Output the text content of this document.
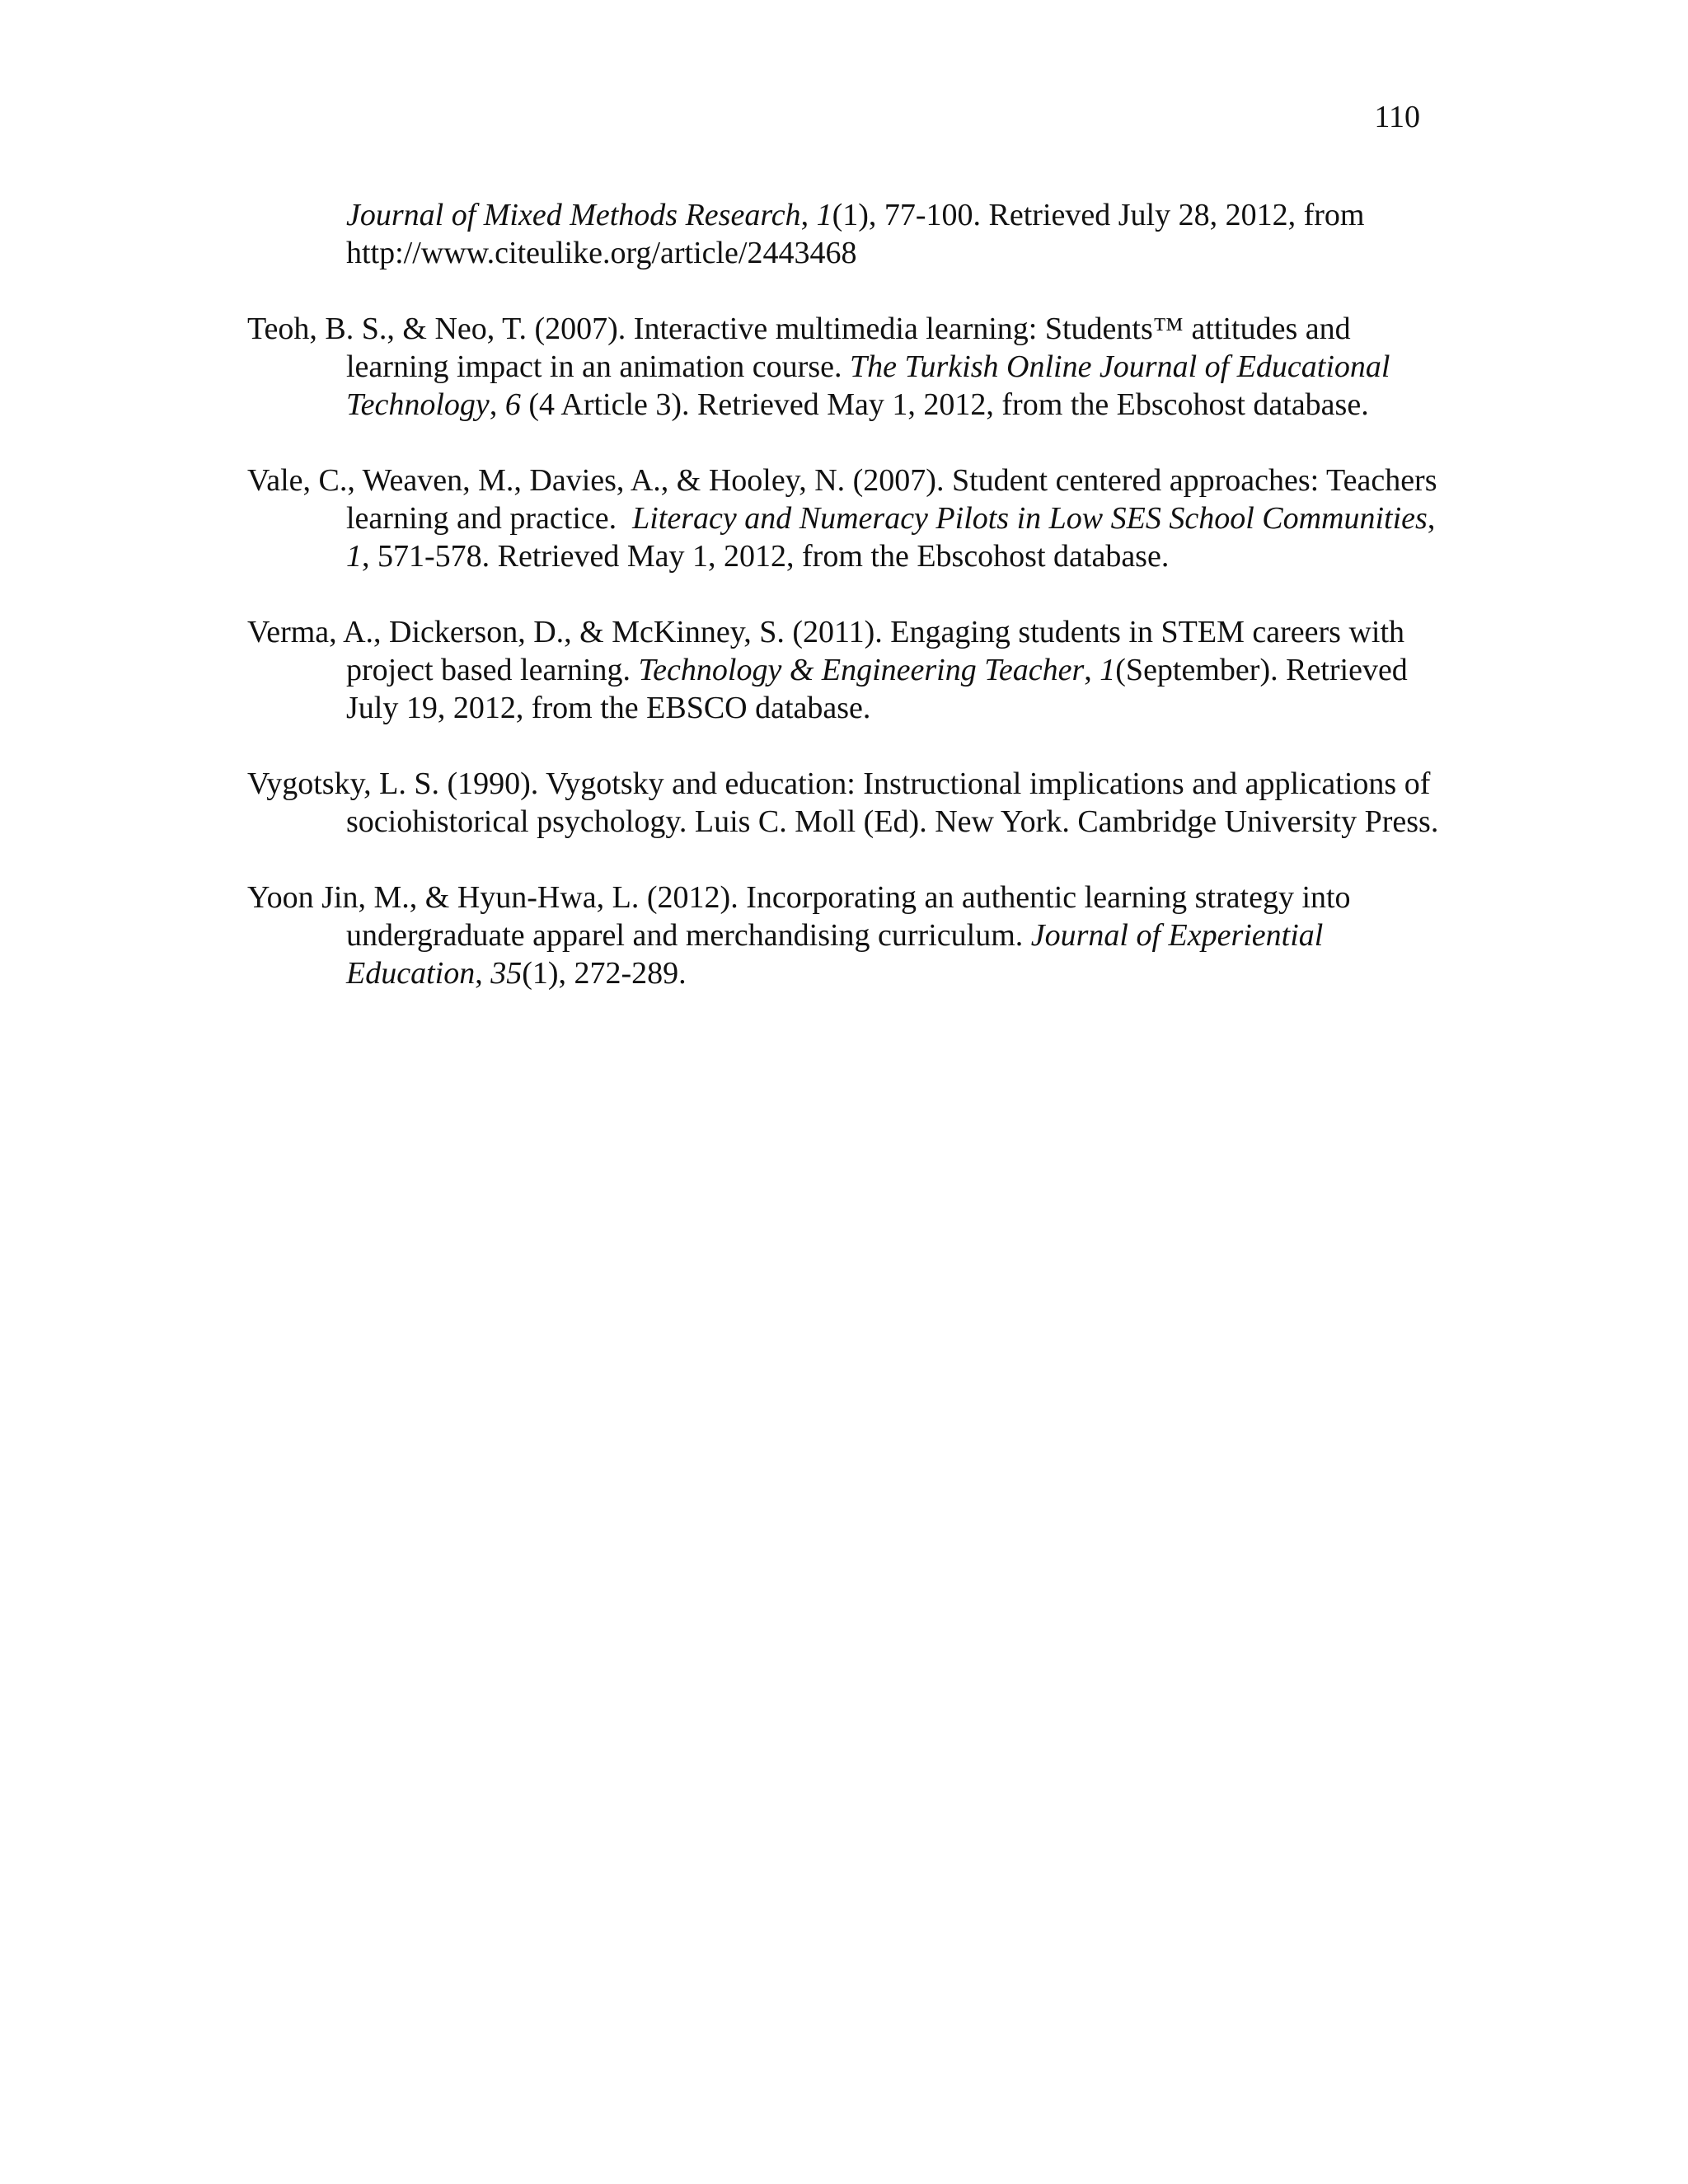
110

Journal of Mixed Methods Research, 1(1), 77-100. Retrieved July 28, 2012, from http://www.citeulike.org/article/2443468

Teoh, B. S., & Neo, T. (2007). Interactive multimedia learning: Students™ attitudes and learning impact in an animation course. The Turkish Online Journal of Educational Technology, 6 (4 Article 3). Retrieved May 1, 2012, from the Ebscohost database.

Vale, C., Weaven, M., Davies, A., & Hooley, N. (2007). Student centered approaches: Teachers learning and practice.  Literacy and Numeracy Pilots in Low SES School Communities, 1, 571-578. Retrieved May 1, 2012, from the Ebscohost database.

Verma, A., Dickerson, D., & McKinney, S. (2011). Engaging students in STEM careers with project based learning. Technology & Engineering Teacher, 1(September). Retrieved July 19, 2012, from the EBSCO database.

Vygotsky, L. S. (1990). Vygotsky and education: Instructional implications and applications of sociohistorical psychology. Luis C. Moll (Ed). New York. Cambridge University Press.

Yoon Jin, M., & Hyun-Hwa, L. (2012). Incorporating an authentic learning strategy into undergraduate apparel and merchandising curriculum. Journal of Experiential Education, 35(1), 272-289.
